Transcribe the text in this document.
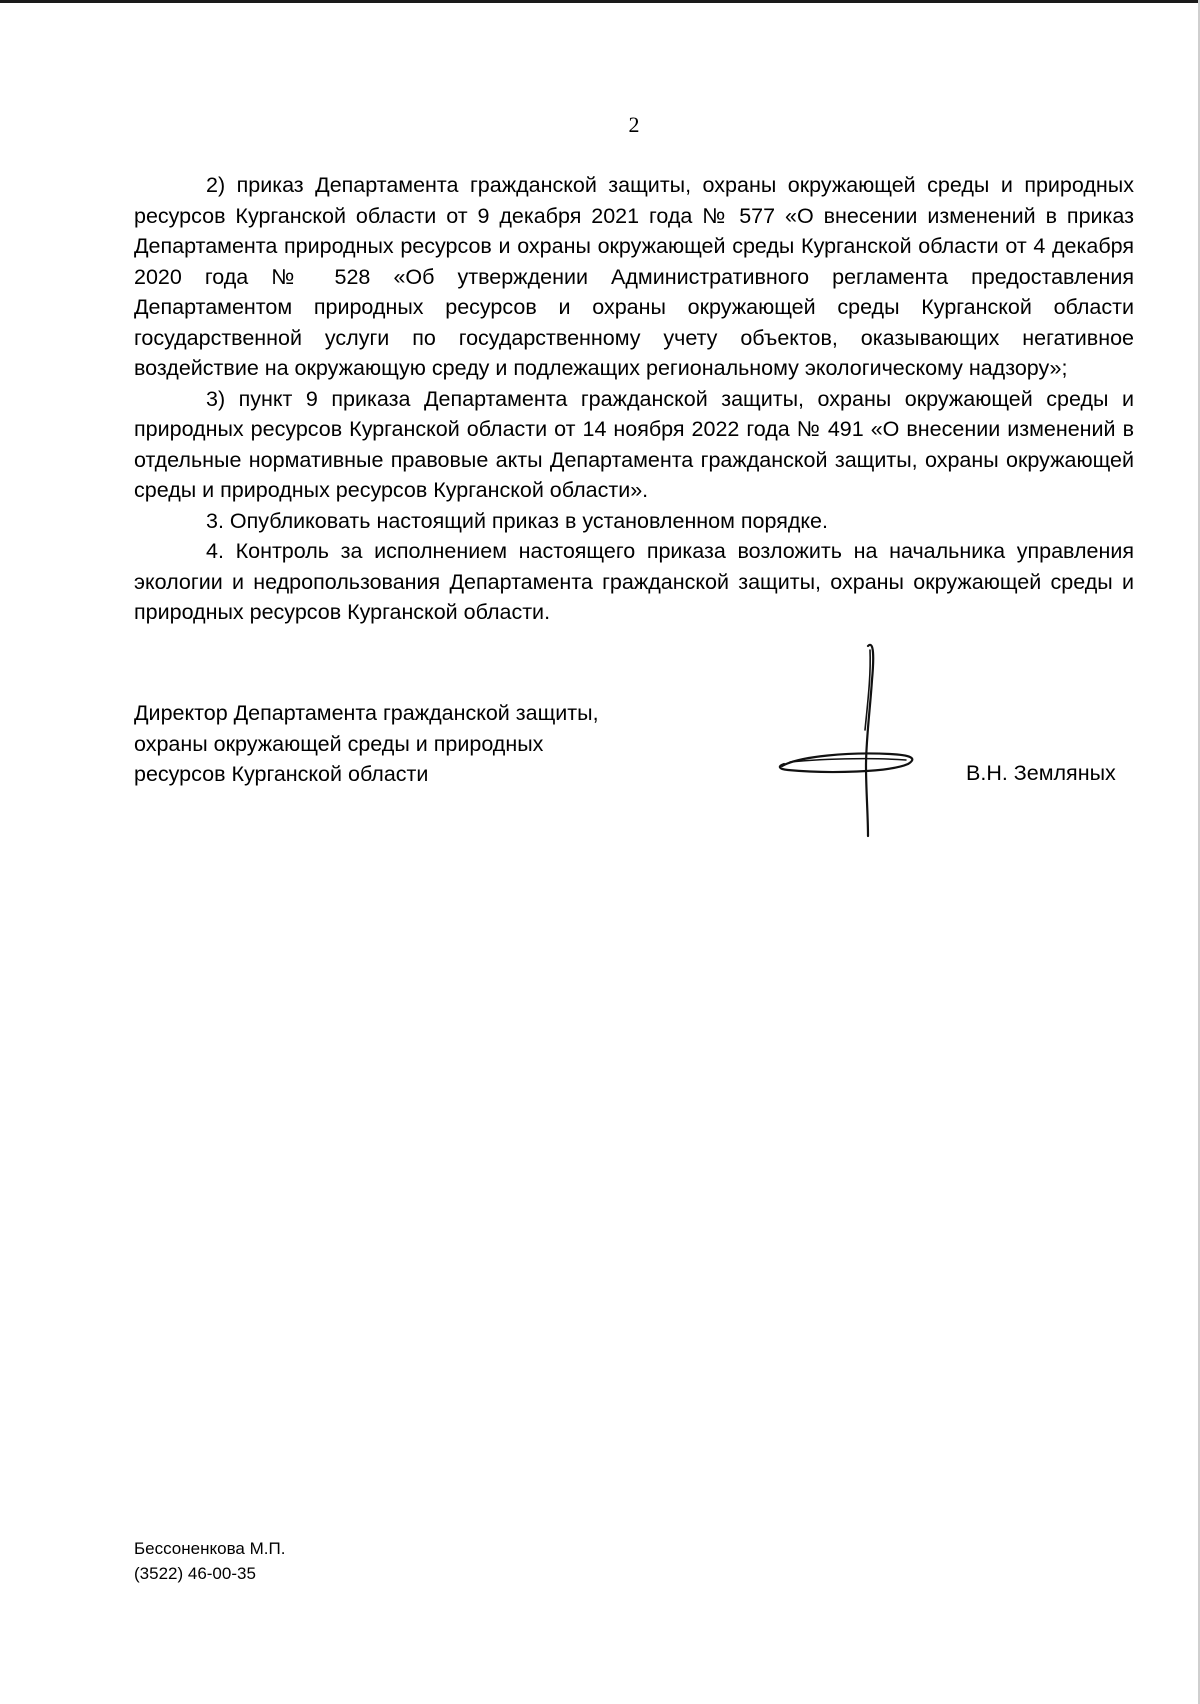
2

2) приказ Департамента гражданской защиты, охраны окружающей среды и природных ресурсов Курганской области от 9 декабря 2021 года № 577 «О внесении изменений в приказ Департамента природных ресурсов и охраны окружающей среды Курганской области от 4 декабря 2020 года № 528 «Об утверждении Административного регламента предоставления Департаментом природных ресурсов и охраны окружающей среды Курганской области государственной услуги по государственному учету объектов, оказывающих негативное воздействие на окружающую среду и подлежащих региональному экологическому надзору»;

3) пункт 9 приказа Департамента гражданской защиты, охраны окружающей среды и природных ресурсов Курганской области от 14 ноября 2022 года № 491 «О внесении изменений в отдельные нормативные правовые акты Департамента гражданской защиты, охраны окружающей среды и природных ресурсов Курганской области».

3. Опубликовать настоящий приказ в установленном порядке.

4. Контроль за исполнением настоящего приказа возложить на начальника управления экологии и недропользования Департамента гражданской защиты, охраны окружающей среды и природных ресурсов Курганской области.

Директор Департамента гражданской защиты,
охраны окружающей среды и природных
ресурсов Курганской области	В.Н. Земляных
Бессоненкова М.П.
(3522) 46-00-35
